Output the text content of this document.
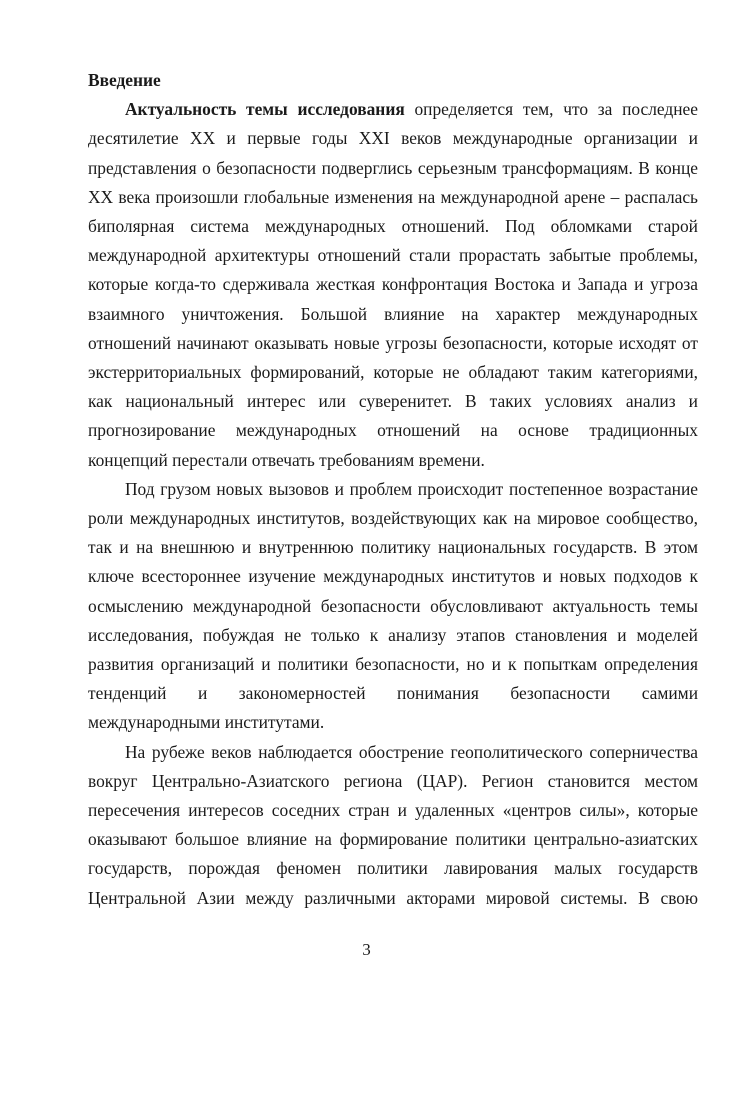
Введение

Актуальность темы исследования определяется тем, что за последнее десятилетие XX и первые годы XXI веков международные организации и представления о безопасности подверглись серьезным трансформациям. В конце XX века произошли глобальные изменения на международной арене – распалась биполярная система международных отношений. Под обломками старой международной архитектуры отношений стали прорастать забытые проблемы, которые когда-то сдерживала жесткая конфронтация Востока и Запада и угроза взаимного уничтожения. Большой влияние на характер международных отношений начинают оказывать новые угрозы безопасности, которые исходят от экстерриториальных формирований, которые не обладают таким категориями, как национальный интерес или суверенитет. В таких условиях анализ и прогнозирование международных отношений на основе традиционных концепций перестали отвечать требованиям времени.

Под грузом новых вызовов и проблем происходит постепенное возрастание роли международных институтов, воздействующих как на мировое сообщество, так и на внешнюю и внутреннюю политику национальных государств. В этом ключе всестороннее изучение международных институтов и новых подходов к осмыслению международной безопасности обусловливают актуальность темы исследования, побуждая не только к анализу этапов становления и моделей развития организаций и политики безопасности, но и к попыткам определения тенденций и закономерностей понимания безопасности самими международными институтами.

На рубеже веков наблюдается обострение геополитического соперничества вокруг Центрально-Азиатского региона (ЦАР). Регион становится местом пересечения интересов соседних стран и удаленных «центров силы», которые оказывают большое влияние на формирование политики центрально-азиатских государств, порождая феномен политики лавирования малых государств Центральной Азии между различными акторами мировой системы. В свою

3
